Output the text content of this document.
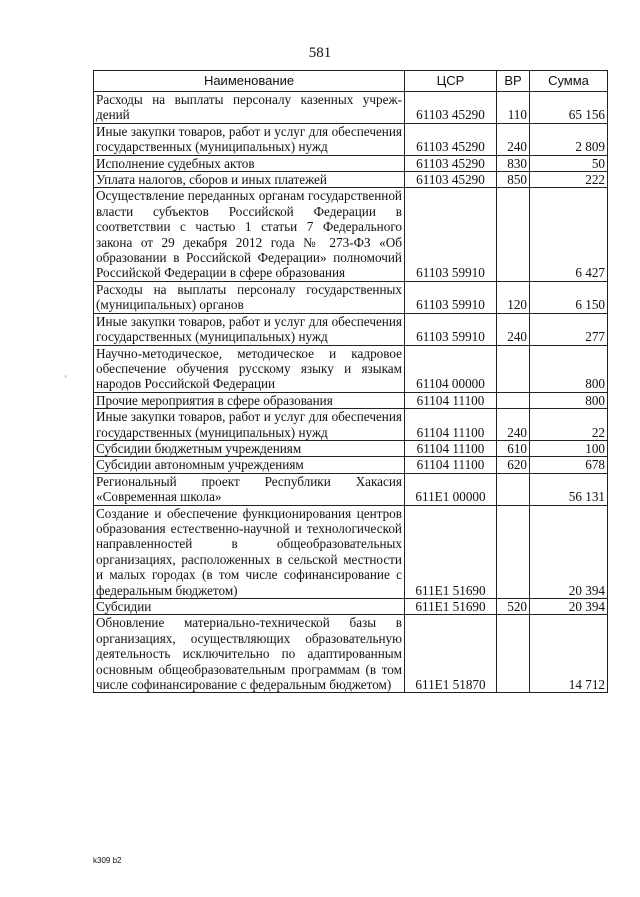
581
'
Наименование	ЦСР	ВР	Сумма
Расходы на выплаты персоналу казенных учреж-дений	61103 45290	110	65 156
Иные закупки товаров, работ и услуг для обеспечения государственных (муниципальных) нужд	61103 45290	240	2 809
Исполнение судебных актов	61103 45290	830	50
Уплата налогов, сборов и иных платежей	61103 45290	850	222
Осуществление переданных органам государственной власти субъектов Российской Федерации в соответствии с частью 1 статьи 7 Федерального закона от 29 декабря 2012 года № 273-ФЗ «Об образовании в Российской Федерации» полномочий Российской Федерации в сфере образования	61103 59910		6 427
Расходы на выплаты персоналу государственных (муниципальных) органов	61103 59910	120	6 150
Иные закупки товаров, работ и услуг для обеспечения государственных (муниципальных) нужд	61103 59910	240	277
Научно-методическое, методическое и кадровое обеспечение обучения русскому языку и языкам народов Российской Федерации	61104 00000		800
Прочие мероприятия в сфере образования	61104 11100		800
Иные закупки товаров, работ и услуг для обеспечения государственных (муниципальных) нужд	61104 11100	240	22
Субсидии бюджетным учреждениям	61104 11100	610	100
Субсидии автономным учреждениям	61104 11100	620	678
Региональный проект Республики Хакасия «Современная школа»	611E1 00000		56 131
Создание и обеспечение функционирования центров образования естественно-научной и технологической направленностей в общеобразовательных организациях, расположенных в сельской местности и малых городах (в том числе софинансирование с федеральным бюджетом)	611E1 51690		20 394
Субсидии	611E1 51690	520	20 394
Обновление материально-технической базы в организациях, осуществляющих образовательную деятельность исключительно по адаптированным основным общеобразовательным программам (в том числе софинансирование с федеральным бюджетом)	611E1 51870		14 712
k309 b2
